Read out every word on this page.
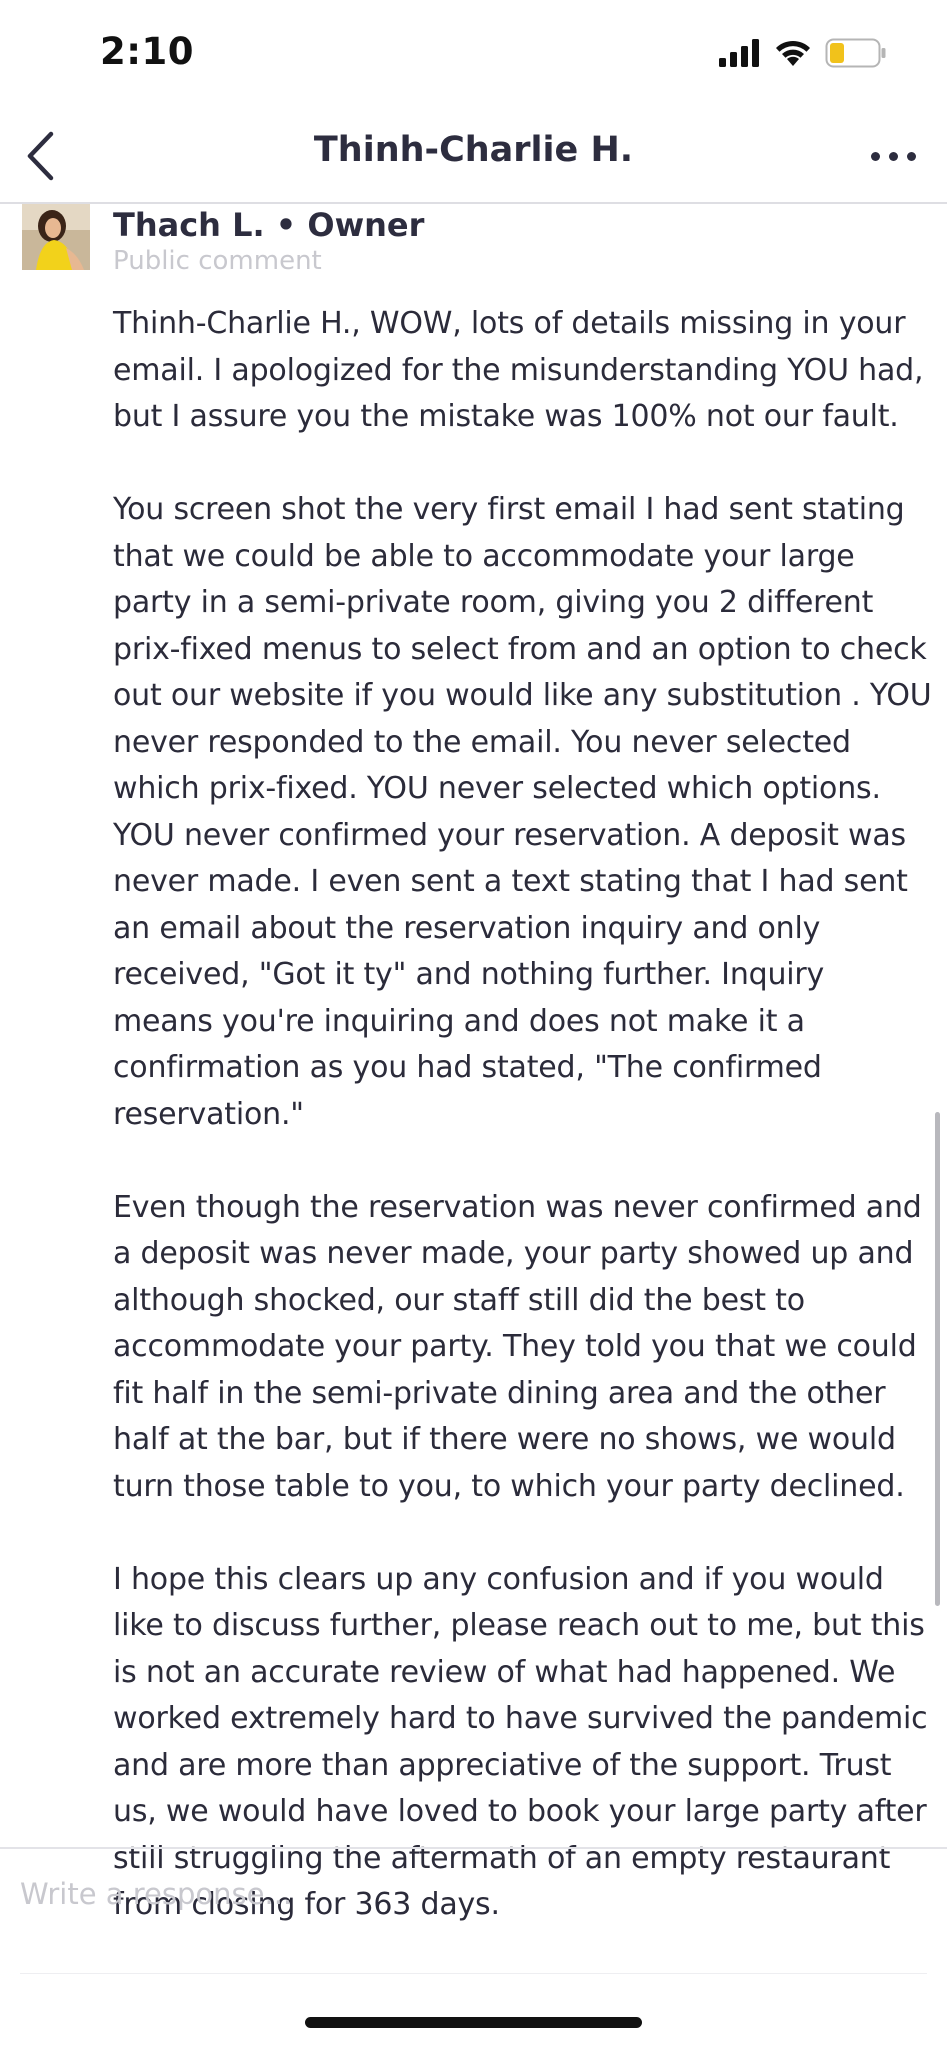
2:10
Thinh-Charlie H.
Thach L. • Owner
Public comment

Thinh-Charlie H., WOW, lots of details missing in your email. I apologized for the misunderstanding YOU had, but I assure you the mistake was 100% not our fault.

You screen shot the very first email I had sent stating that we could be able to accommodate your large party in a semi-private room, giving you 2 different prix-fixed menus to select from and an option to check out our website if you would like any substitution . YOU never responded to the email. You never selected which prix-fixed. YOU never selected which options. YOU never confirmed your reservation. A deposit was never made. I even sent a text stating that I had sent an email about the reservation inquiry and only received, "Got it ty" and nothing further. Inquiry means you're inquiring and does not make it a confirmation as you had stated, "The confirmed reservation."

Even though the reservation was never confirmed and a deposit was never made, your party showed up and although shocked, our staff still did the best to accommodate your party. They told you that we could fit half in the semi-private dining area and the other half at the bar, but if there were no shows, we would turn those table to you, to which your party declined.

I hope this clears up any confusion and if you would like to discuss further, please reach out to me, but this is not an accurate review of what had happened. We worked extremely hard to have survived the pandemic and are more than appreciative of the support. Trust us, we would have loved to book your large party after still struggling the aftermath of an empty restaurant from closing for 363 days.

Write a response...
